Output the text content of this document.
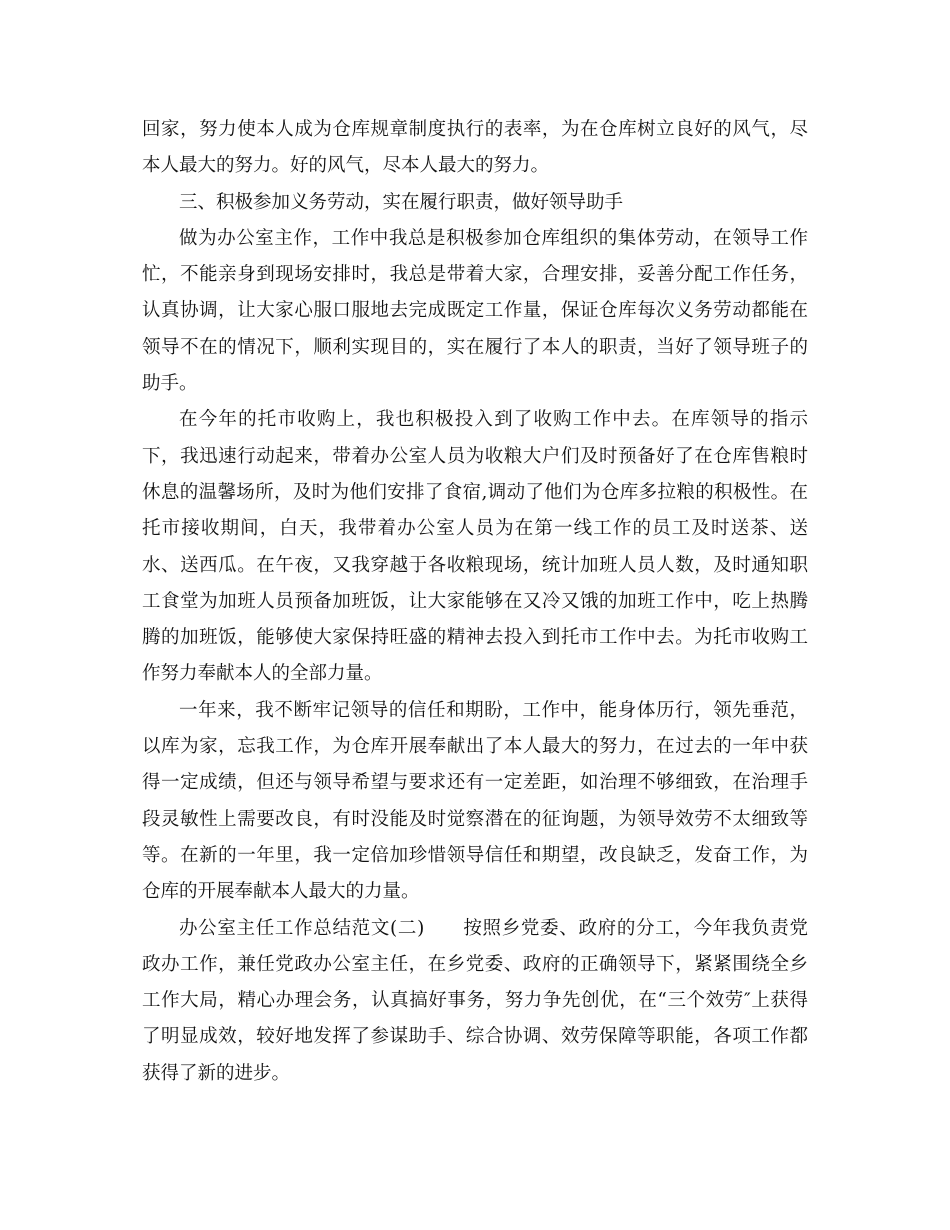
回家，努力使本人成为仓库规章制度执行的表率，为在仓库树立良好的风气，尽
本人最大的努力。好的风气，尽本人最大的努力。
三、积极参加义务劳动，实在履行职责，做好领导助手
做为办公室主作，工作中我总是积极参加仓库组织的集体劳动，在领导工作
忙，不能亲身到现场安排时，我总是带着大家，合理安排，妥善分配工作任务，
认真协调，让大家心服口服地去完成既定工作量，保证仓库每次义务劳动都能在
领导不在的情况下，顺利实现目的，实在履行了本人的职责，当好了领导班子的
助手。
在今年的托市收购上，我也积极投入到了收购工作中去。在库领导的指示
下，我迅速行动起来，带着办公室人员为收粮大户们及时预备好了在仓库售粮时
休息的温馨场所，及时为他们安排了食宿,调动了他们为仓库多拉粮的积极性。在
托市接收期间，白天，我带着办公室人员为在第一线工作的员工及时送茶、送
水、送西瓜。在午夜，又我穿越于各收粮现场，统计加班人员人数，及时通知职
工食堂为加班人员预备加班饭，让大家能够在又冷又饿的加班工作中，吃上热腾
腾的加班饭，能够使大家保持旺盛的精神去投入到托市工作中去。为托市收购工
作努力奉献本人的全部力量。
一年来，我不断牢记领导的信任和期盼，工作中，能身体历行，领先垂范，
以库为家，忘我工作，为仓库开展奉献出了本人最大的努力，在过去的一年中获
得一定成绩，但还与领导希望与要求还有一定差距，如治理不够细致，在治理手
段灵敏性上需要改良，有时没能及时觉察潜在的征询题，为领导效劳不太细致等
等。在新的一年里，我一定倍加珍惜领导信任和期望，改良缺乏，发奋工作，为
仓库的开展奉献本人最大的力量。
办公室主任工作总结范文(二)　　按照乡党委、政府的分工，今年我负责党
政办工作，兼任党政办公室主任，在乡党委、政府的正确领导下，紧紧围绕全乡
工作大局，精心办理会务，认真搞好事务，努力争先创优，在“三个效劳″上获得
了明显成效，较好地发挥了参谋助手、综合协调、效劳保障等职能，各项工作都
获得了新的进步。
